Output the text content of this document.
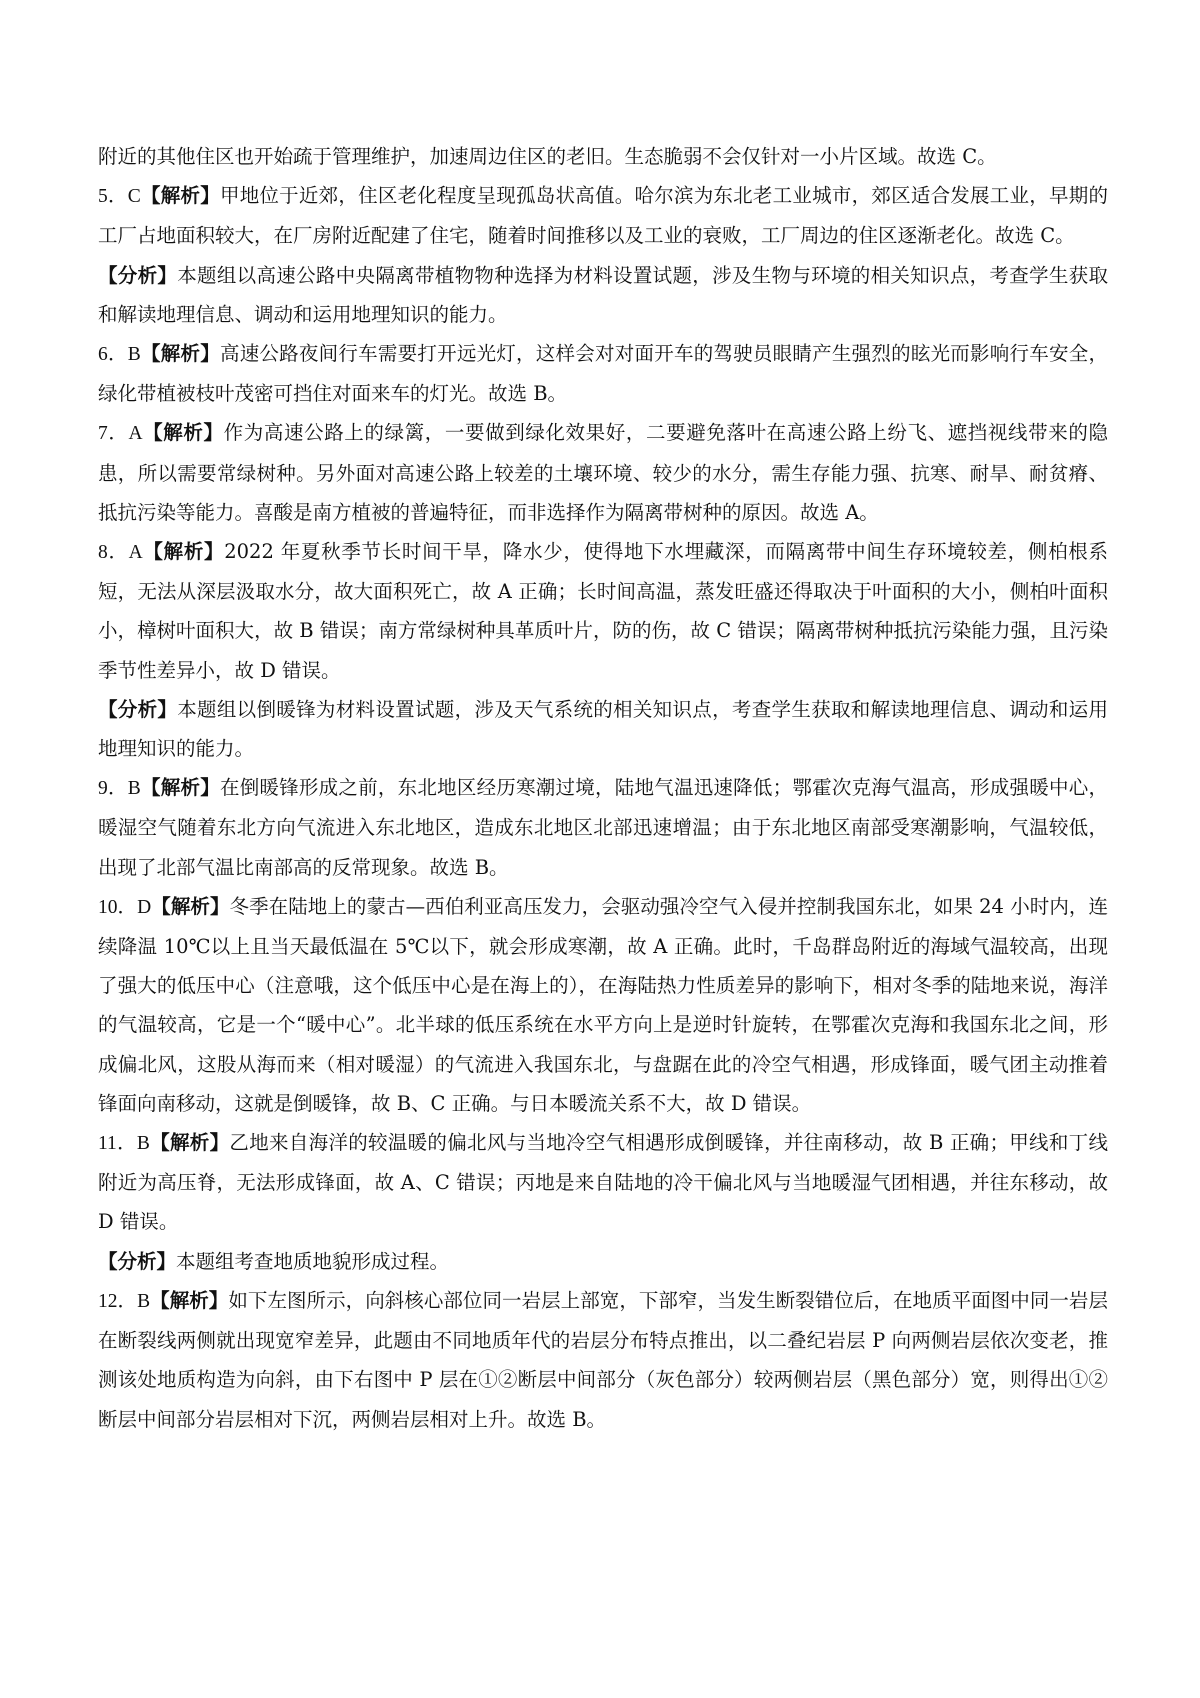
附近的其他住区也开始疏于管理维护，加速周边住区的老旧。生态脆弱不会仅针对一小片区域。故选 C。

5．C【解析】甲地位于近郊，住区老化程度呈现孤岛状高值。哈尔滨为东北老工业城市，郊区适合发展工业，早期的工厂占地面积较大，在厂房附近配建了住宅，随着时间推移以及工业的衰败，工厂周边的住区逐渐老化。故选 C。

【分析】本题组以高速公路中央隔离带植物物种选择为材料设置试题，涉及生物与环境的相关知识点，考查学生获取和解读地理信息、调动和运用地理知识的能力。

6．B【解析】高速公路夜间行车需要打开远光灯，这样会对对面开车的驾驶员眼睛产生强烈的眩光而影响行车安全，绿化带植被枝叶茂密可挡住对面来车的灯光。故选 B。

7．A【解析】作为高速公路上的绿篱，一要做到绿化效果好，二要避免落叶在高速公路上纷飞、遮挡视线带来的隐患，所以需要常绿树种。另外面对高速公路上较差的土壤环境、较少的水分，需生存能力强、抗寒、耐旱、耐贫瘠、抵抗污染等能力。喜酸是南方植被的普遍特征，而非选择作为隔离带树种的原因。故选 A。

8．A【解析】2022 年夏秋季节长时间干旱，降水少，使得地下水埋藏深，而隔离带中间生存环境较差，侧柏根系短，无法从深层汲取水分，故大面积死亡，故 A 正确；长时间高温，蒸发旺盛还得取决于叶面积的大小，侧柏叶面积小，樟树叶面积大，故 B 错误；南方常绿树种具革质叶片，防的伤，故 C 错误；隔离带树种抵抗污染能力强，且污染季节性差异小，故 D 错误。

【分析】本题组以倒暖锋为材料设置试题，涉及天气系统的相关知识点，考查学生获取和解读地理信息、调动和运用地理知识的能力。

9．B【解析】在倒暖锋形成之前，东北地区经历寒潮过境，陆地气温迅速降低；鄂霍次克海气温高，形成强暖中心，暖湿空气随着东北方向气流进入东北地区，造成东北地区北部迅速增温；由于东北地区南部受寒潮影响，气温较低，出现了北部气温比南部高的反常现象。故选 B。

10．D【解析】冬季在陆地上的蒙古—西伯利亚高压发力，会驱动强冷空气入侵并控制我国东北，如果 24 小时内，连续降温 10℃以上且当天最低温在 5℃以下，就会形成寒潮，故 A 正确。此时，千岛群岛附近的海域气温较高，出现了强大的低压中心（注意哦，这个低压中心是在海上的），在海陆热力性质差异的影响下，相对冬季的陆地来说，海洋的气温较高，它是一个“暖中心”。北半球的低压系统在水平方向上是逆时针旋转，在鄂霍次克海和我国东北之间，形成偏北风，这股从海而来（相对暖湿）的气流进入我国东北，与盘踞在此的冷空气相遇，形成锋面，暖气团主动推着锋面向南移动，这就是倒暖锋，故 B、C 正确。与日本暖流关系不大，故 D 错误。

11．B【解析】乙地来自海洋的较温暖的偏北风与当地冷空气相遇形成倒暖锋，并往南移动，故 B 正确；甲线和丁线附近为高压脊，无法形成锋面，故 A、C 错误；丙地是来自陆地的冷干偏北风与当地暖湿气团相遇，并往东移动，故 D 错误。

【分析】本题组考查地质地貌形成过程。

12．B【解析】如下左图所示，向斜核心部位同一岩层上部宽，下部窄，当发生断裂错位后，在地质平面图中同一岩层在断裂线两侧就出现宽窄差异，此题由不同地质年代的岩层分布特点推出，以二叠纪岩层 P 向两侧岩层依次变老，推测该处地质构造为向斜，由下右图中 P 层在①②断层中间部分（灰色部分）较两侧岩层（黑色部分）宽，则得出①②断层中间部分岩层相对下沉，两侧岩层相对上升。故选 B。
